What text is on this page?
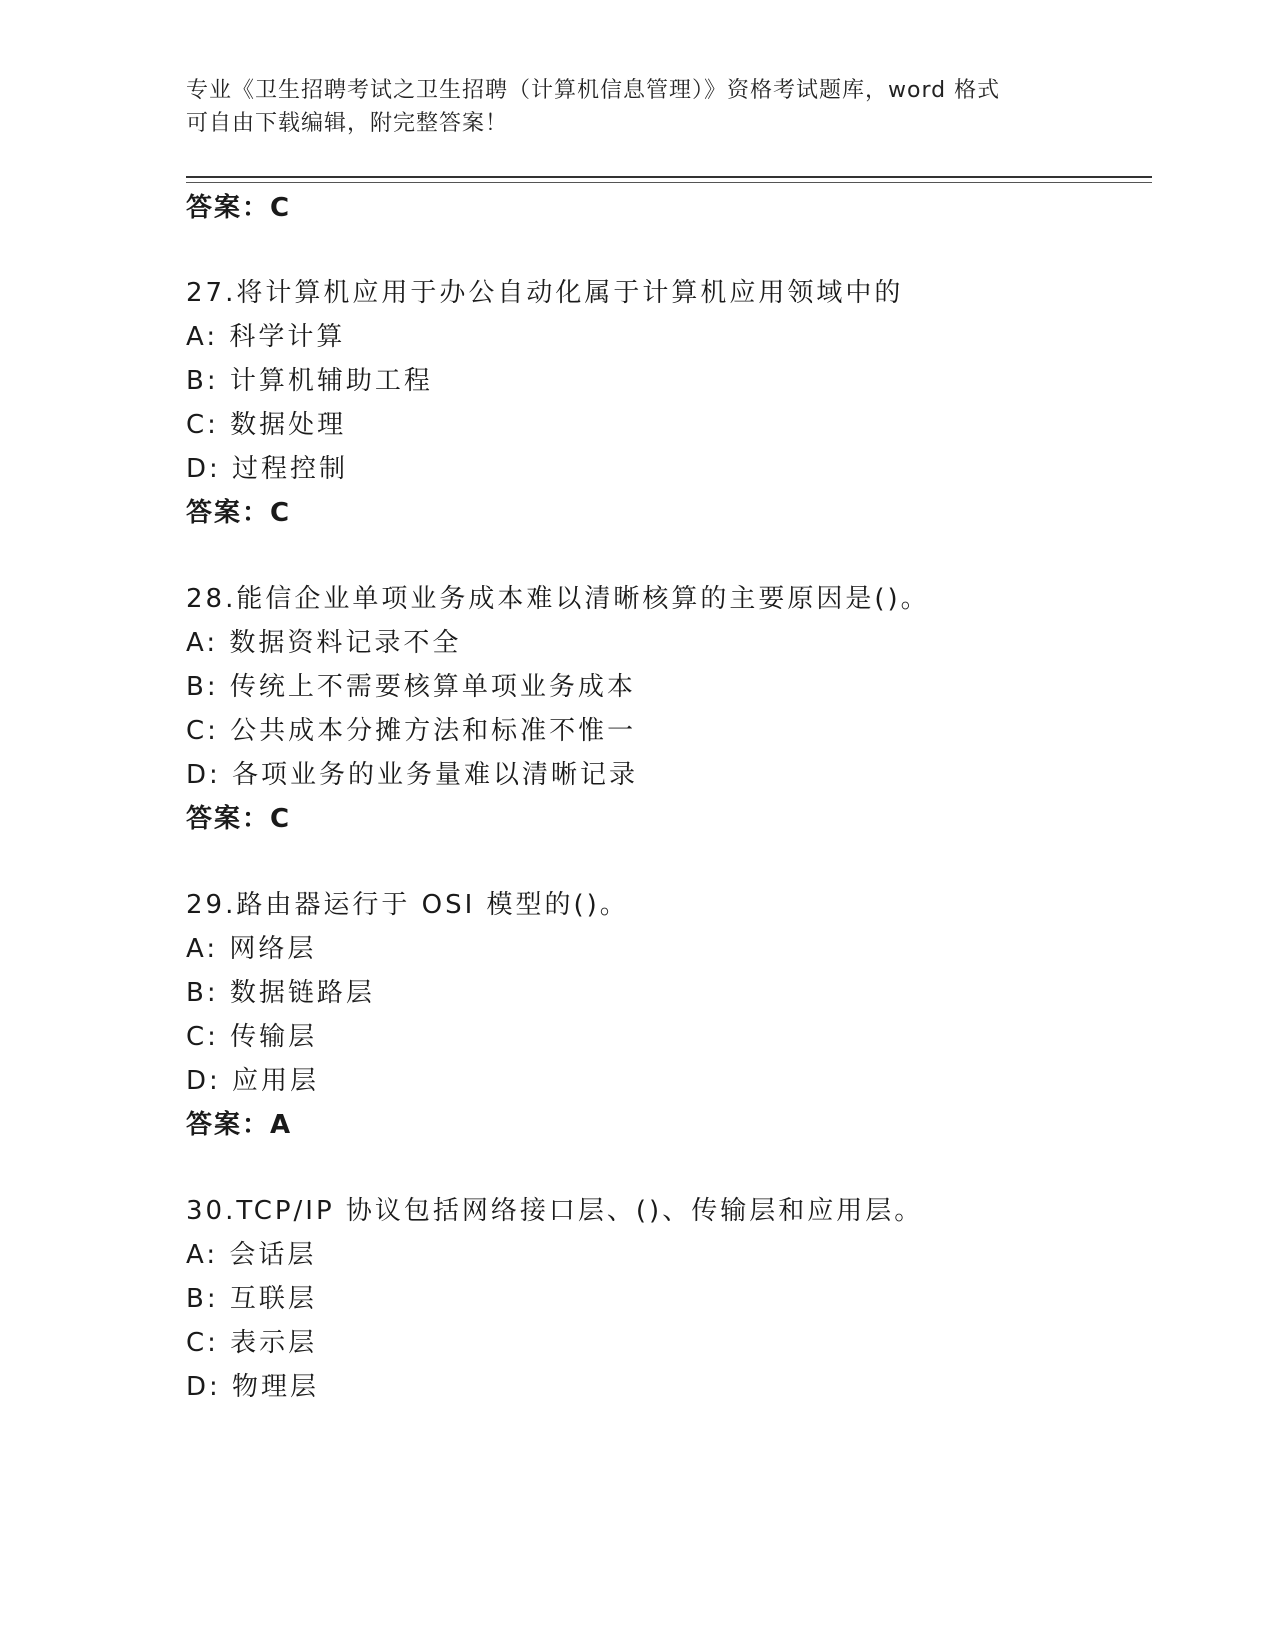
专业《卫生招聘考试之卫生招聘（计算机信息管理）》资格考试题库，word 格式
可自由下载编辑，附完整答案！
答案：C
27.将计算机应用于办公自动化属于计算机应用领域中的
A: 科学计算
B: 计算机辅助工程
C: 数据处理
D: 过程控制
答案：C
28.能信企业单项业务成本难以清晰核算的主要原因是()。
A: 数据资料记录不全
B: 传统上不需要核算单项业务成本
C: 公共成本分摊方法和标准不惟一
D: 各项业务的业务量难以清晰记录
答案：C
29.路由器运行于 OSI 模型的()。
A: 网络层
B: 数据链路层
C: 传输层
D: 应用层
答案：A
30.TCP/IP 协议包括网络接口层、()、传输层和应用层。
A: 会话层
B: 互联层
C: 表示层
D: 物理层
